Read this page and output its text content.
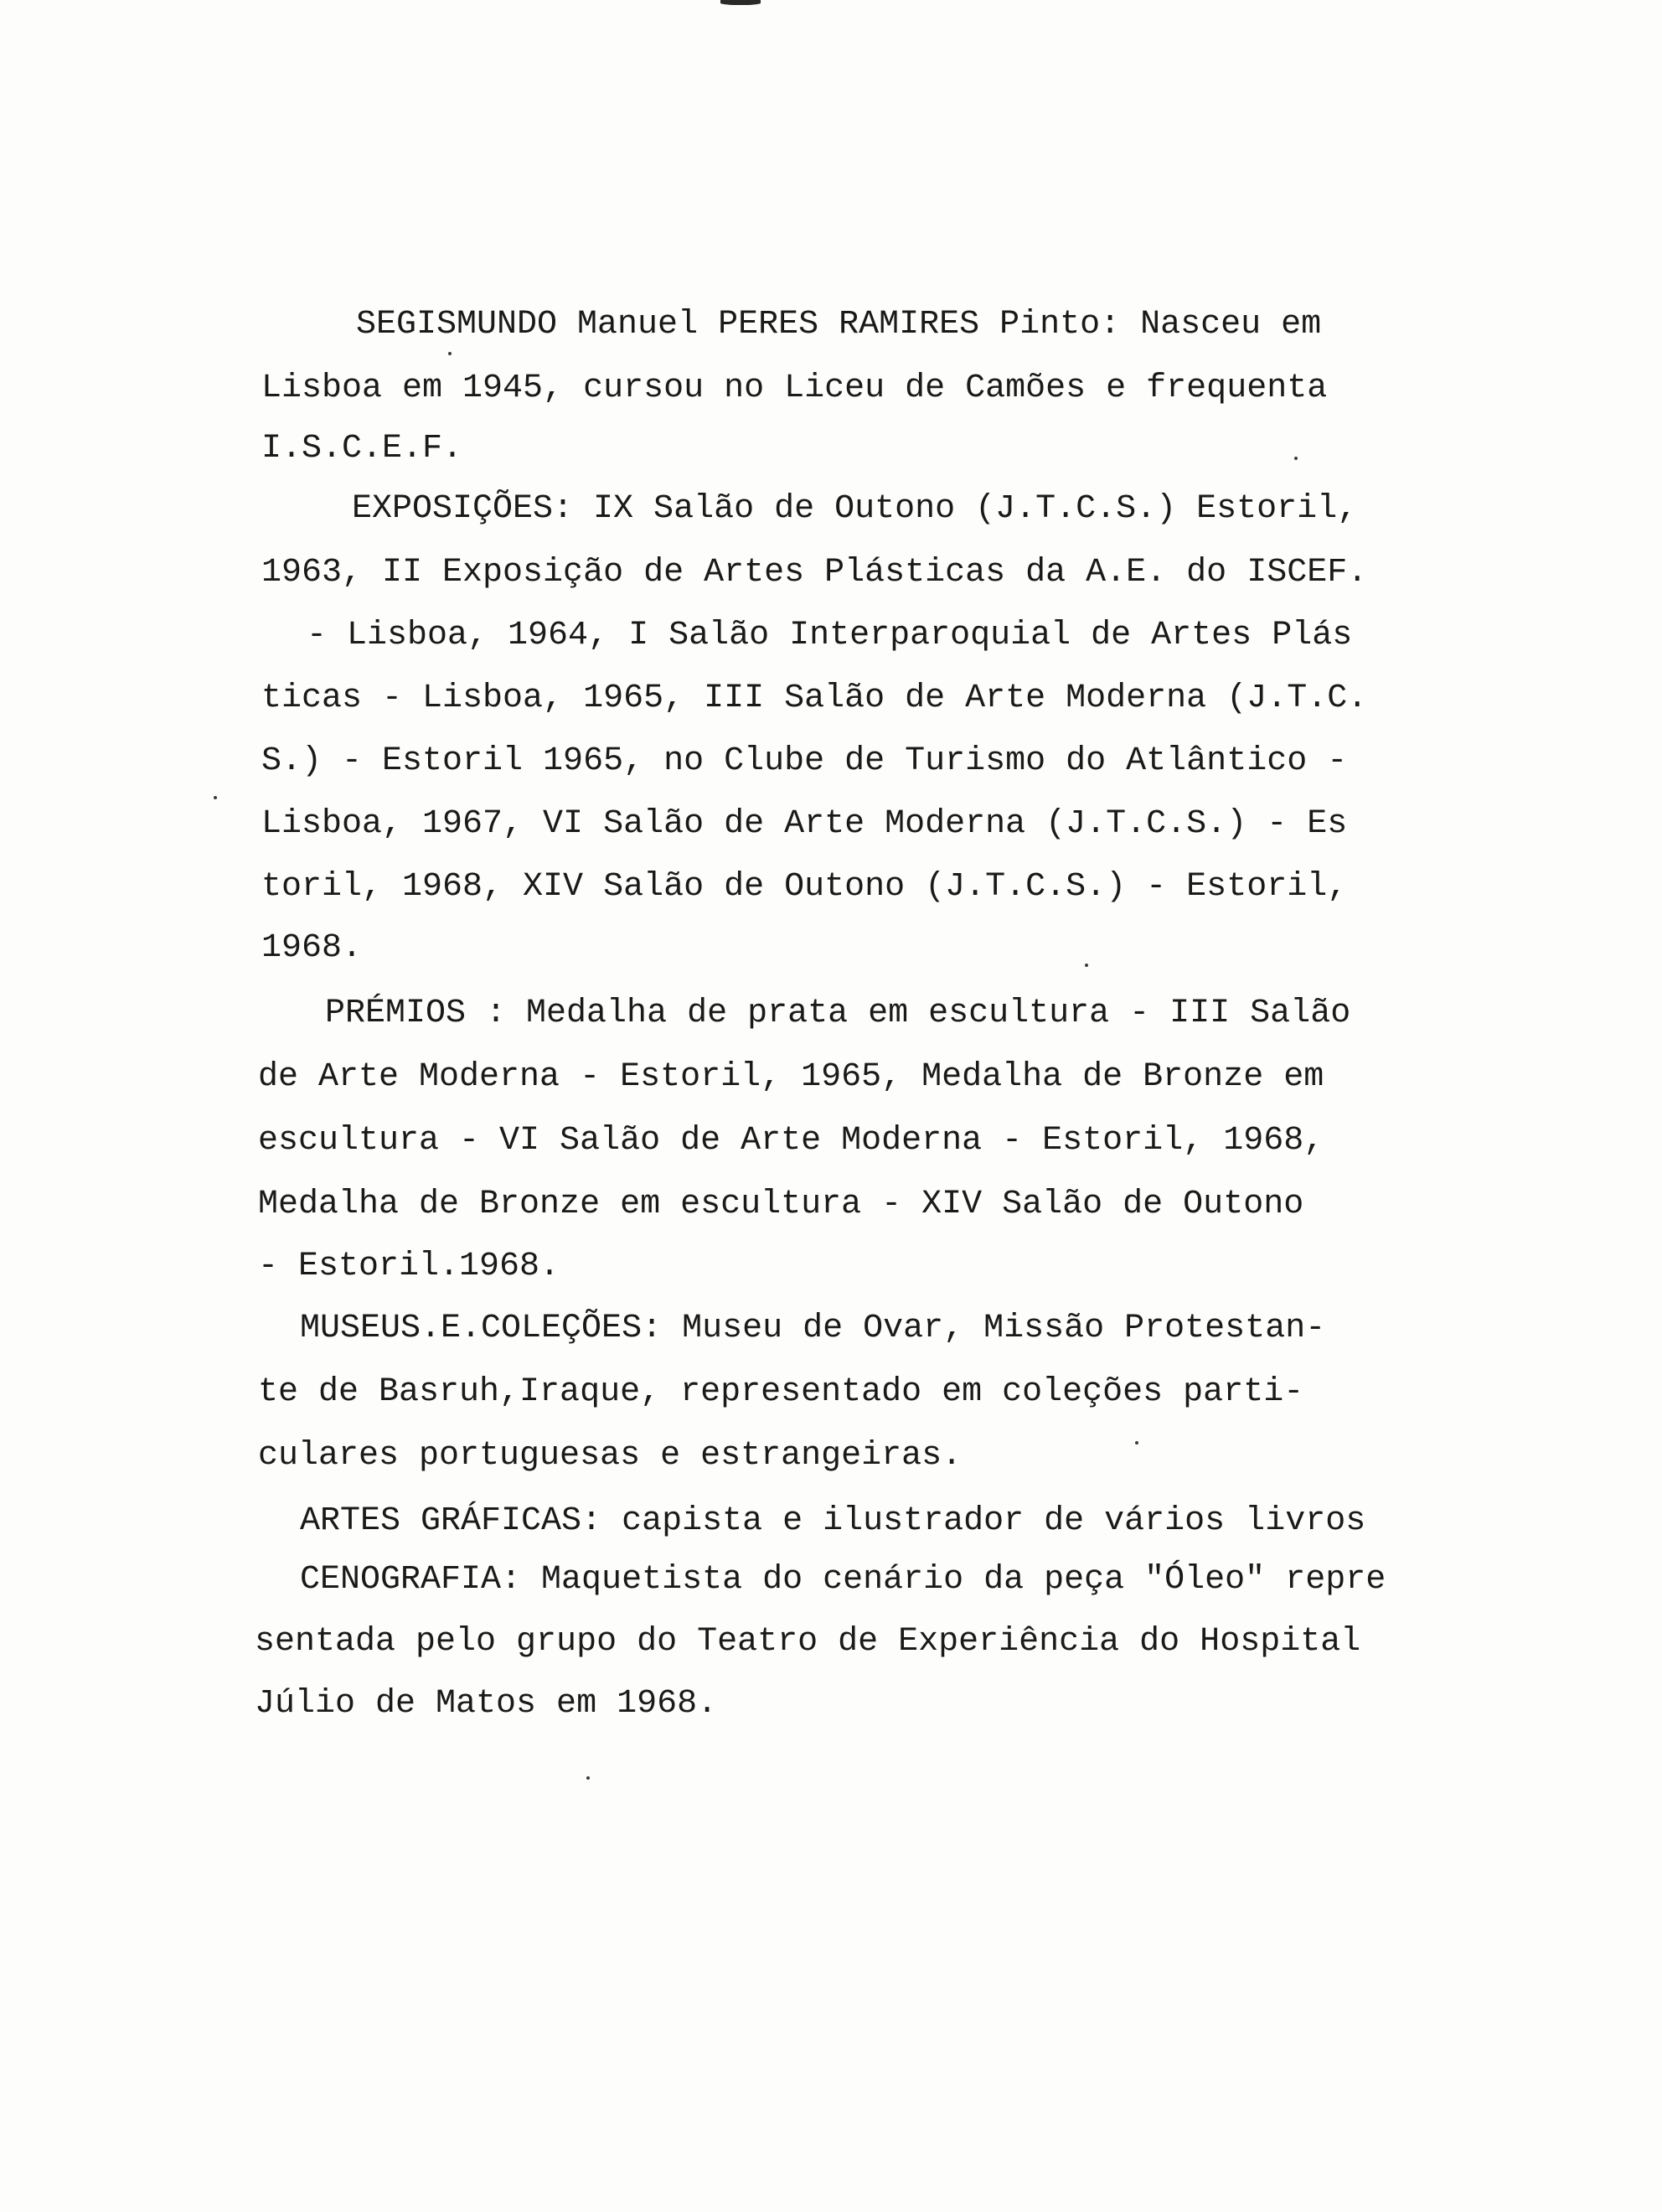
SEGISMUNDO Manuel PERES RAMIRES Pinto: Nasceu em
Lisboa em 1945, cursou no Liceu de Camões e frequenta
I.S.C.E.F.
EXPOSIÇÕES: IX Salão de Outono (J.T.C.S.) Estoril,
1963, II Exposição de Artes Plásticas da A.E. do ISCEF.
- Lisboa, 1964, I Salão Interparoquial de Artes Plás
ticas - Lisboa, 1965, III Salão de Arte Moderna (J.T.C.
S.) - Estoril 1965, no Clube de Turismo do Atlântico -
Lisboa, 1967, VI Salão de Arte Moderna (J.T.C.S.) - Es
toril, 1968, XIV Salão de Outono (J.T.C.S.) - Estoril,
1968.
PRÉMIOS : Medalha de prata em escultura - III Salão
de Arte Moderna - Estoril, 1965, Medalha de Bronze em
escultura - VI Salão de Arte Moderna - Estoril, 1968,
Medalha de Bronze em escultura - XIV Salão de Outono
- Estoril.1968.
MUSEUS.E.COLEÇÕES: Museu de Ovar, Missão Protestan-
te de Basruh,Iraque, representado em coleções parti-
culares portuguesas e estrangeiras.
ARTES GRÁFICAS: capista e ilustrador de vários livros
CENOGRAFIA: Maquetista do cenário da peça "Óleo" repre
sentada pelo grupo do Teatro de Experiência do Hospital
Júlio de Matos em 1968.
